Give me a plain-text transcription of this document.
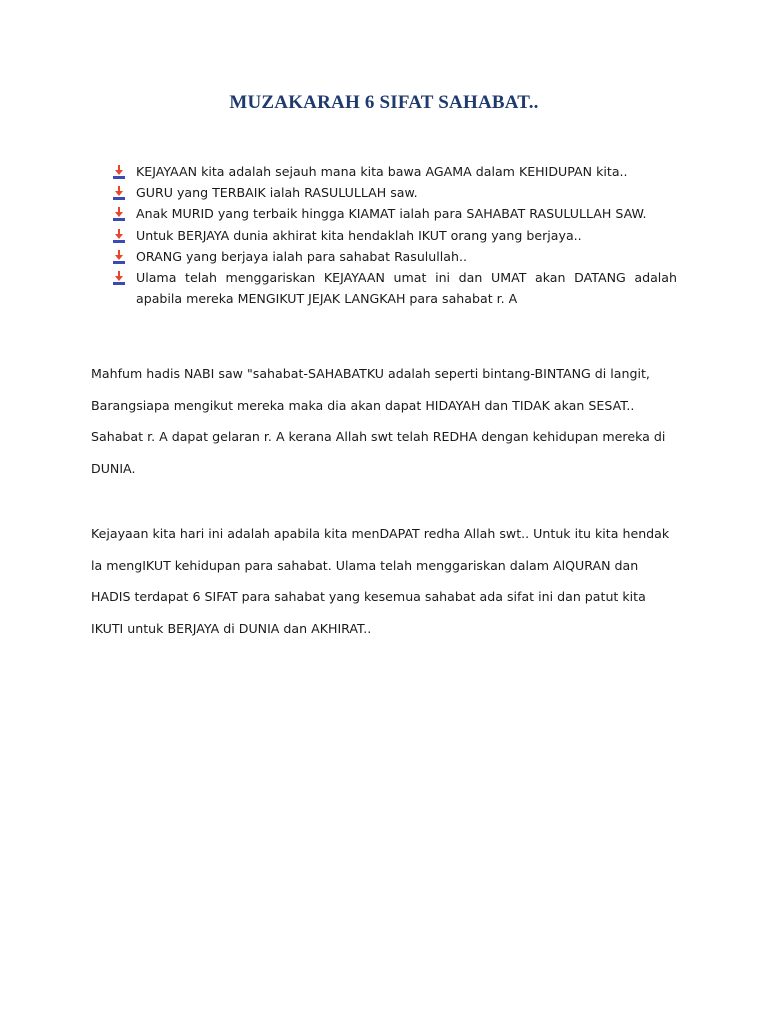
MUZAKARAH 6 SIFAT SAHABAT..
KEJAYAAN kita adalah sejauh mana kita bawa AGAMA dalam KEHIDUPAN kita..
GURU yang TERBAIK ialah RASULULLAH saw.
Anak MURID yang terbaik hingga KIAMAT ialah para SAHABAT RASULULLAH SAW.
Untuk BERJAYA dunia akhirat kita hendaklah IKUT orang yang berjaya..
ORANG yang berjaya ialah para sahabat Rasulullah..
Ulama telah menggariskan KEJAYAAN umat ini dan UMAT akan DATANG adalah apabila mereka MENGIKUT JEJAK LANGKAH para sahabat r. A

Mahfum hadis NABI saw "sahabat-SAHABATKU adalah seperti bintang-BINTANG di langit,
Barangsiapa mengikut mereka maka dia akan dapat HIDAYAH dan TIDAK akan SESAT..
Sahabat r. A dapat gelaran r. A kerana Allah swt telah REDHA dengan kehidupan mereka di
DUNIA.

Kejayaan kita hari ini adalah apabila kita menDAPAT redha Allah swt.. Untuk itu kita hendak
la mengIKUT kehidupan para sahabat. Ulama telah menggariskan dalam AlQURAN dan
HADIS terdapat 6 SIFAT para sahabat yang kesemua sahabat ada sifat ini dan patut kita
IKUTI untuk BERJAYA di DUNIA dan AKHIRAT..
